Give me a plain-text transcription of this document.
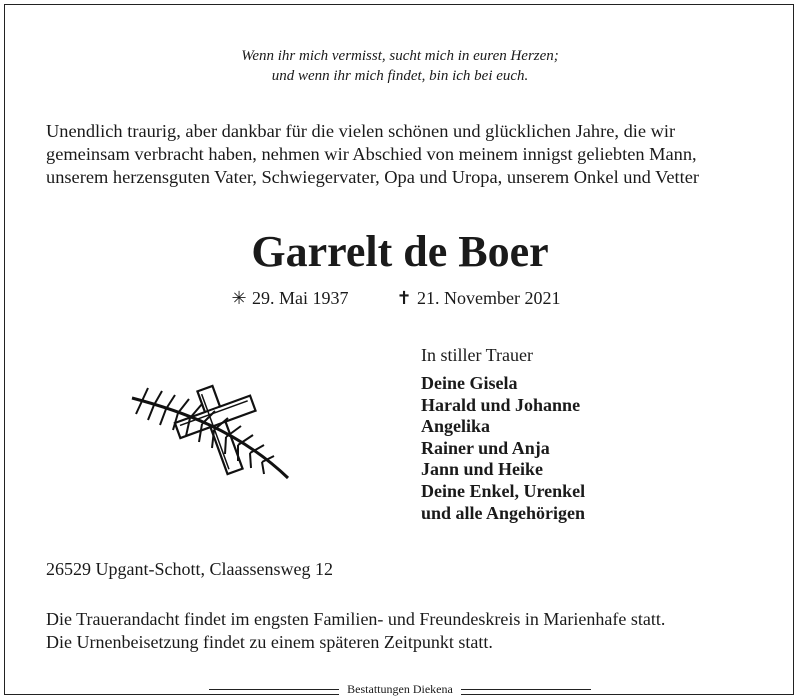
Wenn ihr mich vermisst, sucht mich in euren Herzen;
und wenn ihr mich findet, bin ich bei euch.
Unendlich traurig, aber dankbar für die vielen schönen und glücklichen Jahre, die wir
gemeinsam verbracht haben, nehmen wir Abschied von meinem innigst geliebten Mann,
unserem herzensguten Vater, Schwiegervater, Opa und Uropa, unserem Onkel und Vetter
Garrelt de Boer
✳ 29. Mai 1937	✝ 21. November 2021
In stiller Trauer
Deine Gisela
Harald und Johanne
Angelika
Rainer und Anja
Jann und Heike
Deine Enkel, Urenkel
und alle Angehörigen
26529 Upgant-Schott, Claassensweg 12
Die Trauerandacht findet im engsten Familien- und Freundeskreis in Marienhafe statt.
Die Urnenbeisetzung findet zu einem späteren Zeitpunkt statt.
Bestattungen Diekena
